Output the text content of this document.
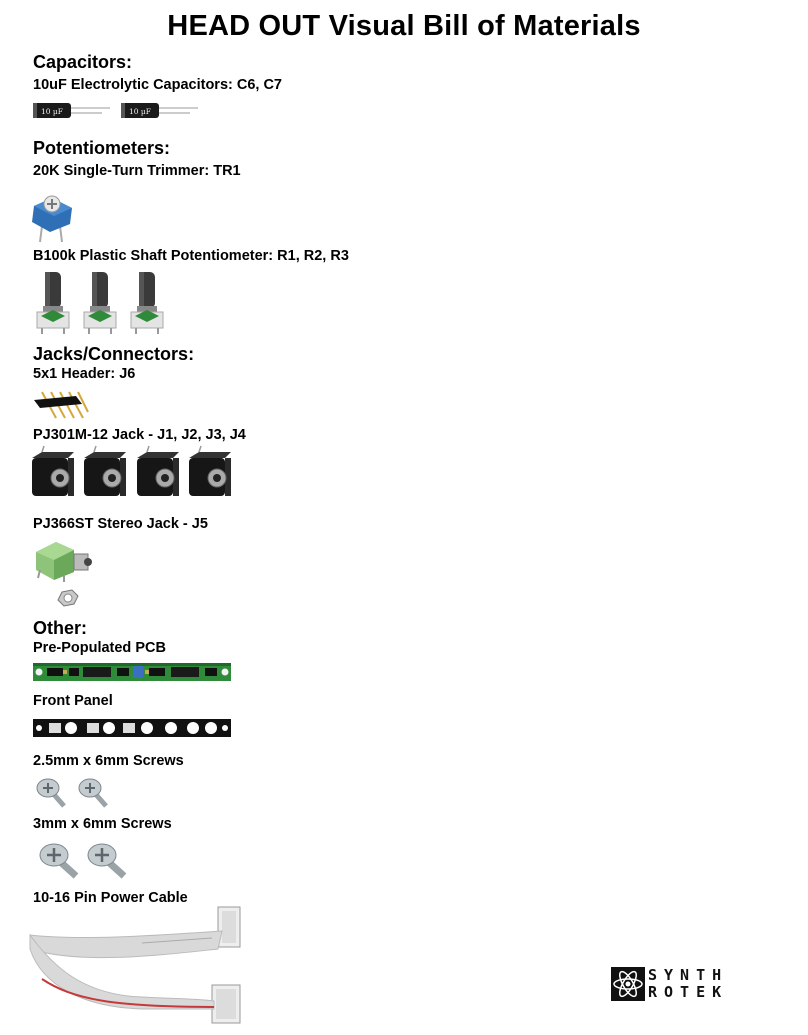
HEAD OUT Visual Bill of Materials
Capacitors:
10uF Electrolytic Capacitors: C6, C7
10 µF	10 µF
Potentiometers:
20K Single-Turn Trimmer: TR1
B100k Plastic Shaft Potentiometer: R1, R2, R3
Jacks/Connectors:
5x1 Header: J6
PJ301M-12 Jack - J1, J2, J3, J4
PJ366ST Stereo Jack - J5
Other:
Pre-Populated PCB
Front Panel
2.5mm x 6mm Screws
3mm x 6mm Screws
10-16 Pin Power Cable
SYNTH
ROTEK
